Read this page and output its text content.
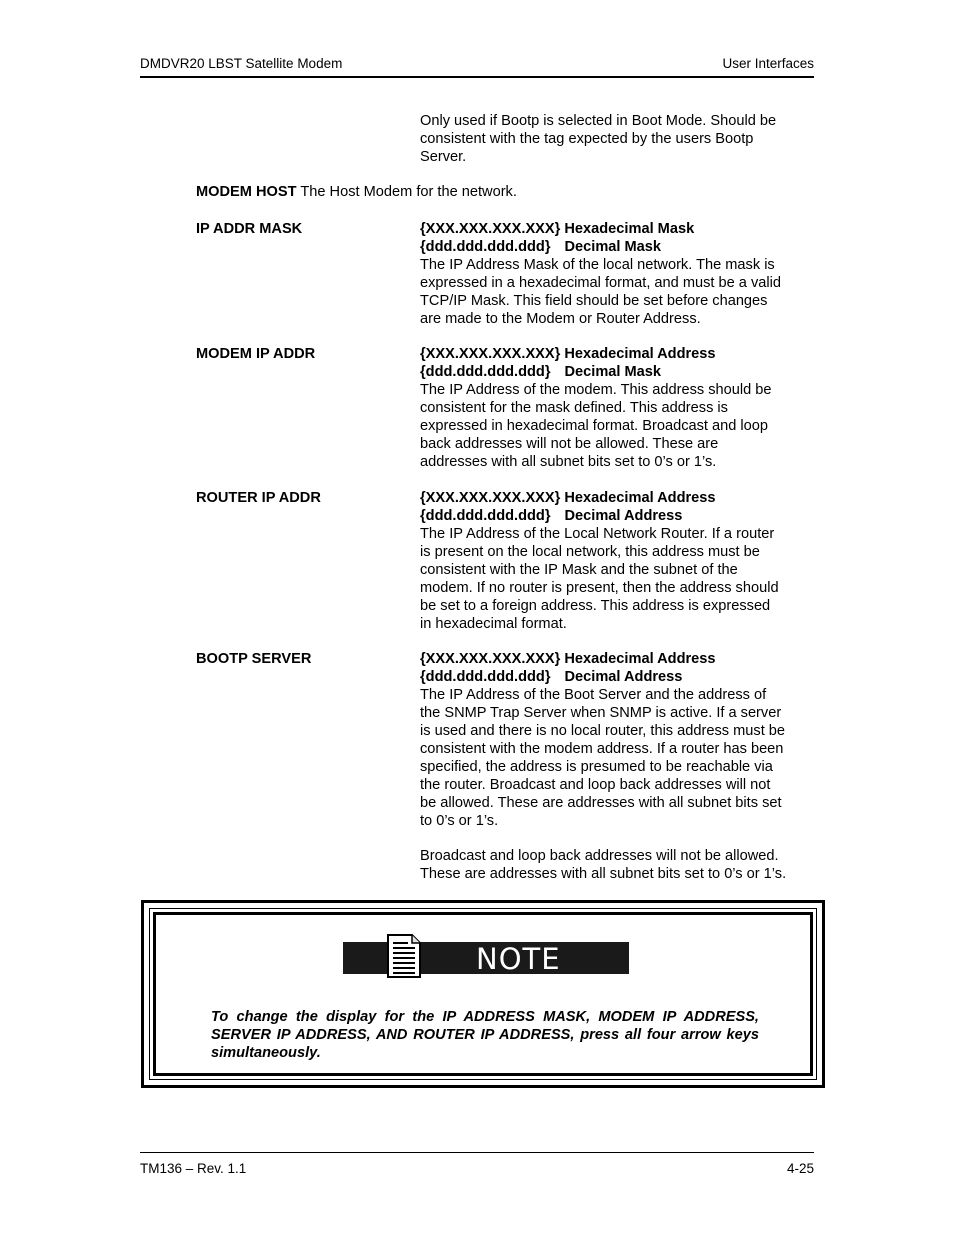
DMDVR20 LBST Satellite Modem	User Interfaces
Only used if Bootp is selected in Boot Mode. Should be
consistent with the tag expected by the users Bootp
Server.
MODEM HOST The Host Modem for the network.
IP ADDR MASK	{XXX.XXX.XXX.XXX} Hexadecimal Mask
{ddd.ddd.ddd.ddd} Decimal Mask
The IP Address Mask of the local network. The mask is
expressed in a hexadecimal format, and must be a valid
TCP/IP Mask. This field should be set before changes
are made to the Modem or Router Address.
MODEM IP ADDR	{XXX.XXX.XXX.XXX} Hexadecimal Address
{ddd.ddd.ddd.ddd} Decimal Mask
The IP Address of the modem. This address should be
consistent for the mask defined. This address is
expressed in hexadecimal format. Broadcast and loop
back addresses will not be allowed. These are
addresses with all subnet bits set to 0’s or 1’s.
ROUTER IP ADDR	{XXX.XXX.XXX.XXX} Hexadecimal Address
{ddd.ddd.ddd.ddd} Decimal Address
The IP Address of the Local Network Router. If a router
is present on the local network, this address must be
consistent with the IP Mask and the subnet of the
modem. If no router is present, then the address should
be set to a foreign address. This address is expressed
in hexadecimal format.
BOOTP SERVER	{XXX.XXX.XXX.XXX} Hexadecimal Address
{ddd.ddd.ddd.ddd} Decimal Address
The IP Address of the Boot Server and the address of
the SNMP Trap Server when SNMP is active. If a server
is used and there is no local router, this address must be
consistent with the modem address. If a router has been
specified, the address is presumed to be reachable via
the router. Broadcast and loop back addresses will not
be allowed. These are addresses with all subnet bits set
to 0’s or 1’s.
Broadcast and loop back addresses will not be allowed.
These are addresses with all subnet bits set to 0’s or 1’s.
NOTE
To change the display for the IP ADDRESS MASK, MODEM IP ADDRESS, SERVER IP ADDRESS, AND ROUTER IP ADDRESS, press all four arrow keys simultaneously.
TM136 – Rev. 1.1	4-25
